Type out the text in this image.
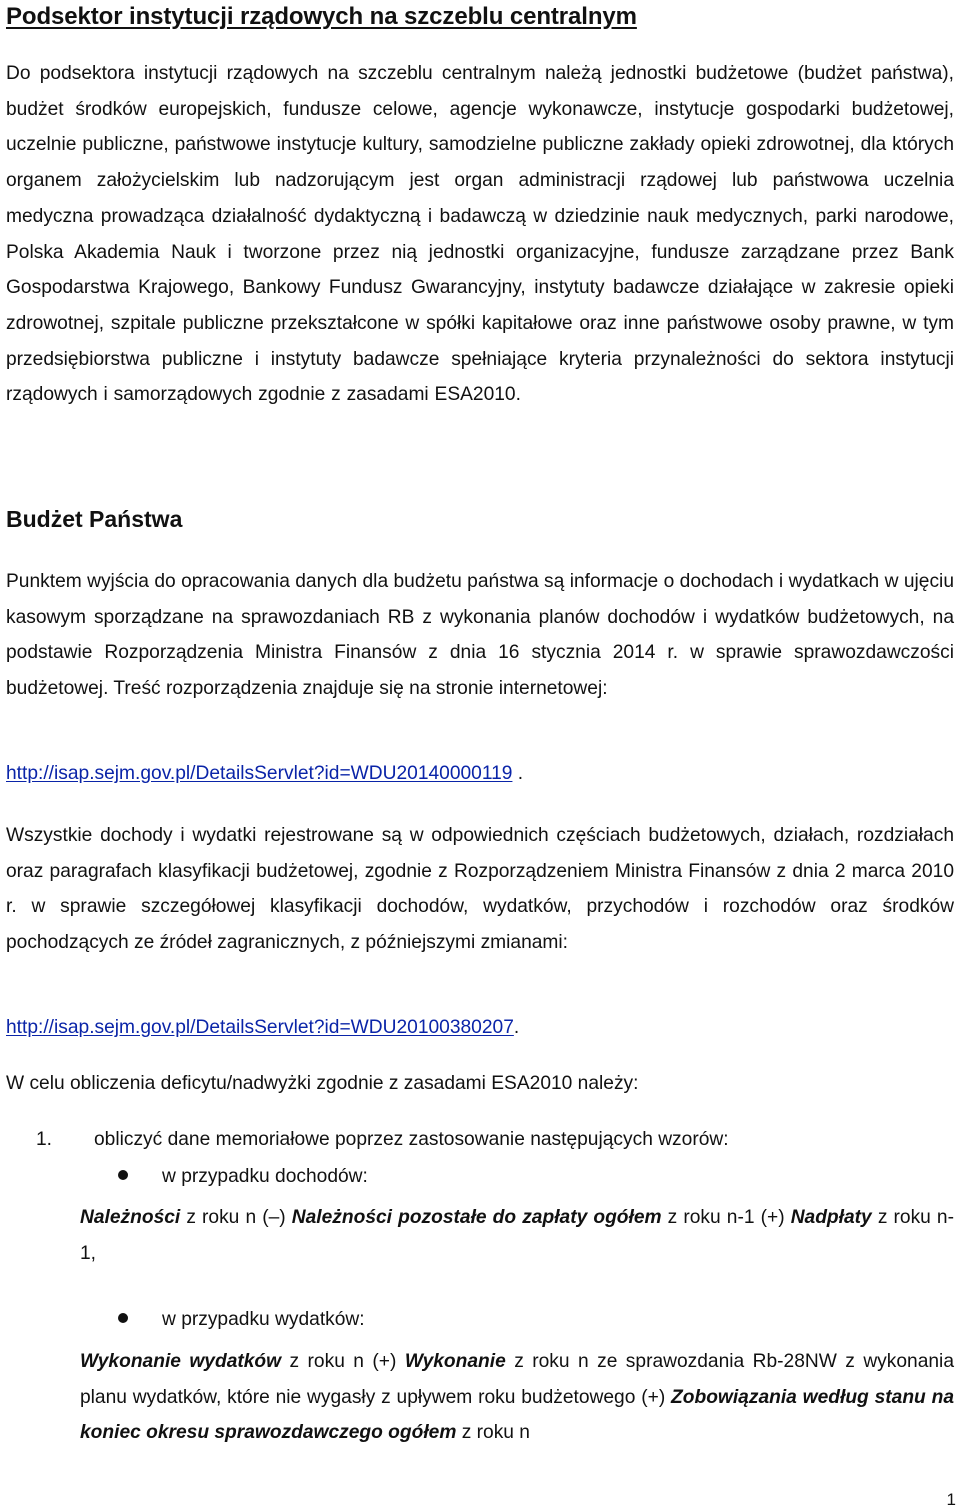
Podsektor instytucji rządowych na szczeblu centralnym

Do podsektora instytucji rządowych na szczeblu centralnym należą jednostki budżetowe (budżet państwa), budżet środków europejskich, fundusze celowe, agencje wykonawcze, instytucje gospodarki budżetowej, uczelnie publiczne, państwowe instytucje kultury, samodzielne publiczne zakłady opieki zdrowotnej, dla których organem założycielskim lub nadzorującym jest organ administracji rządowej lub państwowa uczelnia medyczna prowadząca działalność dydaktyczną i badawczą w dziedzinie nauk medycznych, parki narodowe, Polska Akademia Nauk i tworzone przez nią jednostki organizacyjne, fundusze zarządzane przez Bank Gospodarstwa Krajowego, Bankowy Fundusz Gwarancyjny, instytuty badawcze działające w zakresie opieki zdrowotnej, szpitale publiczne przekształcone w spółki kapitałowe oraz inne państwowe osoby prawne, w tym przedsiębiorstwa publiczne i instytuty badawcze spełniające kryteria przynależności do sektora instytucji rządowych i samorządowych zgodnie z zasadami ESA2010.

Budżet Państwa

Punktem wyjścia do opracowania danych dla budżetu państwa są informacje o dochodach i wydatkach w ujęciu kasowym sporządzane na sprawozdaniach RB z wykonania planów dochodów i wydatków budżetowych, na podstawie Rozporządzenia Ministra Finansów z dnia 16 stycznia 2014 r. w sprawie sprawozdawczości budżetowej. Treść rozporządzenia znajduje się na stronie internetowej:

http://isap.sejm.gov.pl/DetailsServlet?id=WDU20140000119 .

Wszystkie dochody i wydatki rejestrowane są w odpowiednich częściach budżetowych, działach, rozdziałach oraz paragrafach klasyfikacji budżetowej, zgodnie z Rozporządzeniem Ministra Finansów z dnia 2 marca 2010 r. w sprawie szczegółowej klasyfikacji dochodów, wydatków, przychodów i rozchodów oraz środków pochodzących ze źródeł zagranicznych, z późniejszymi zmianami:

http://isap.sejm.gov.pl/DetailsServlet?id=WDU20100380207.

W celu obliczenia deficytu/nadwyżki zgodnie z zasadami ESA2010 należy:

1. obliczyć dane memoriałowe poprzez zastosowanie następujących wzorów:
w przypadku dochodów:

Należności z roku n (–) Należności pozostałe do zapłaty ogółem z roku n-1 (+) Nadpłaty z roku n-1,

w przypadku wydatków:

Wykonanie wydatków z roku n (+) Wykonanie z roku n ze sprawozdania Rb-28NW z wykonania planu wydatków, które nie wygasły z upływem roku budżetowego (+) Zobowiązania według stanu na koniec okresu sprawozdawczego ogółem z roku n

1
